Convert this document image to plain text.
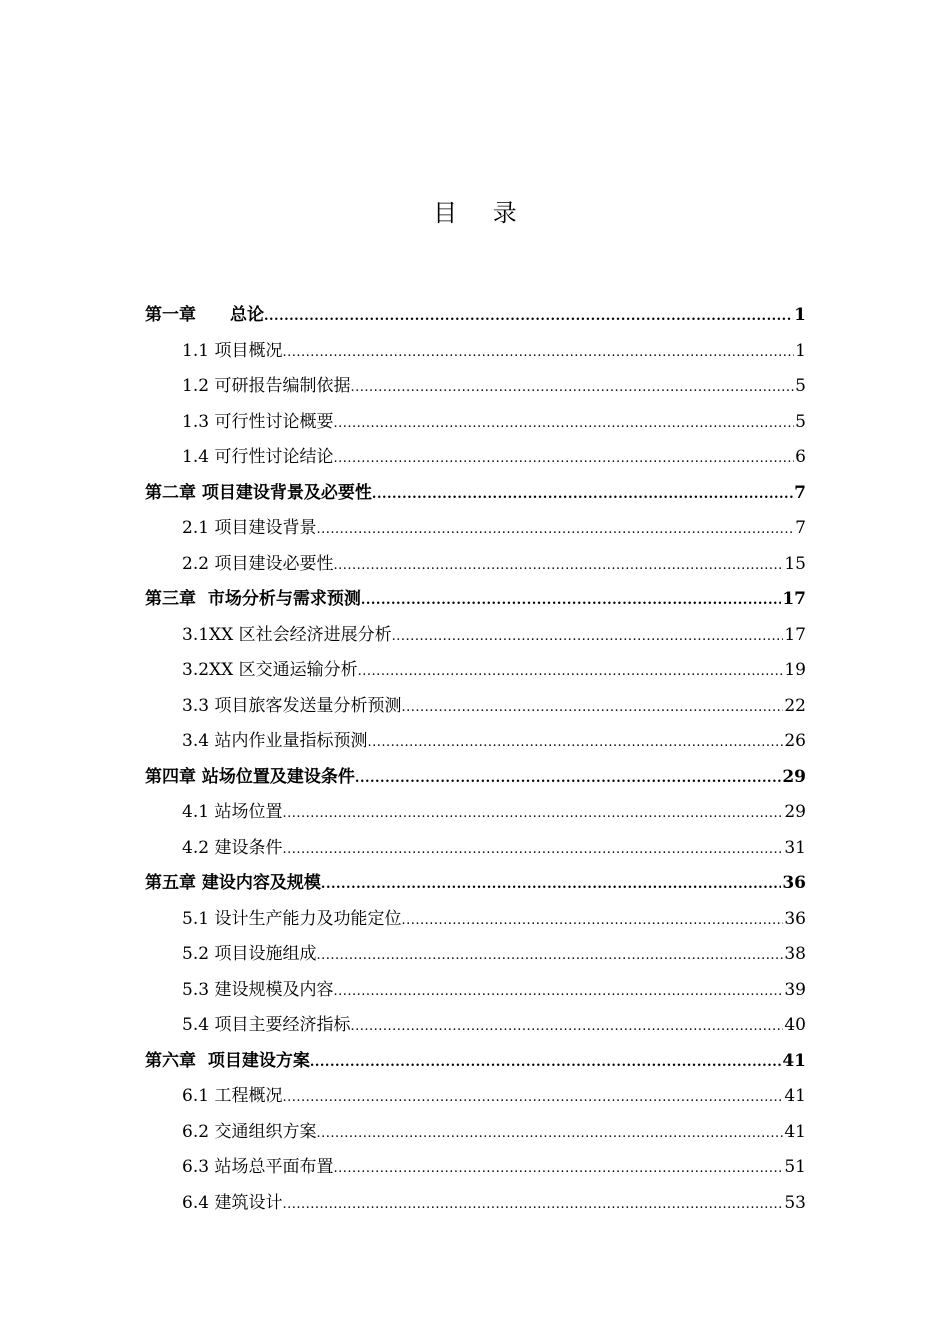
目 录
第一章　　总论 .....	1
1.1 项目概况 .....	1
1.2 可研报告编制依据 .....	5
1.3 可行性讨论概要 .....	5
1.4 可行性讨论结论 .....	6
第二章 项目建设背景及必要性 .....	7
2.1 项目建设背景 .....	7
2.2 项目建设必要性 .....	15
第三章  市场分析与需求预测 .....	17
3.1XX 区社会经济进展分析 .....	17
3.2XX 区交通运输分析 .....	19
3.3 项目旅客发送量分析预测 .....	22
3.4 站内作业量指标预测 .....	26
第四章 站场位置及建设条件 .....	29
4.1 站场位置 .....	29
4.2 建设条件 .....	31
第五章 建设内容及规模 .....	36
5.1 设计生产能力及功能定位 .....	36
5.2 项目设施组成 .....	38
5.3 建设规模及内容 .....	39
5.4 项目主要经济指标 .....	40
第六章  项目建设方案 .....	41
6.1 工程概况 .....	41
6.2 交通组织方案 .....	41
6.3 站场总平面布置 .....	51
6.4 建筑设计 .....	53
